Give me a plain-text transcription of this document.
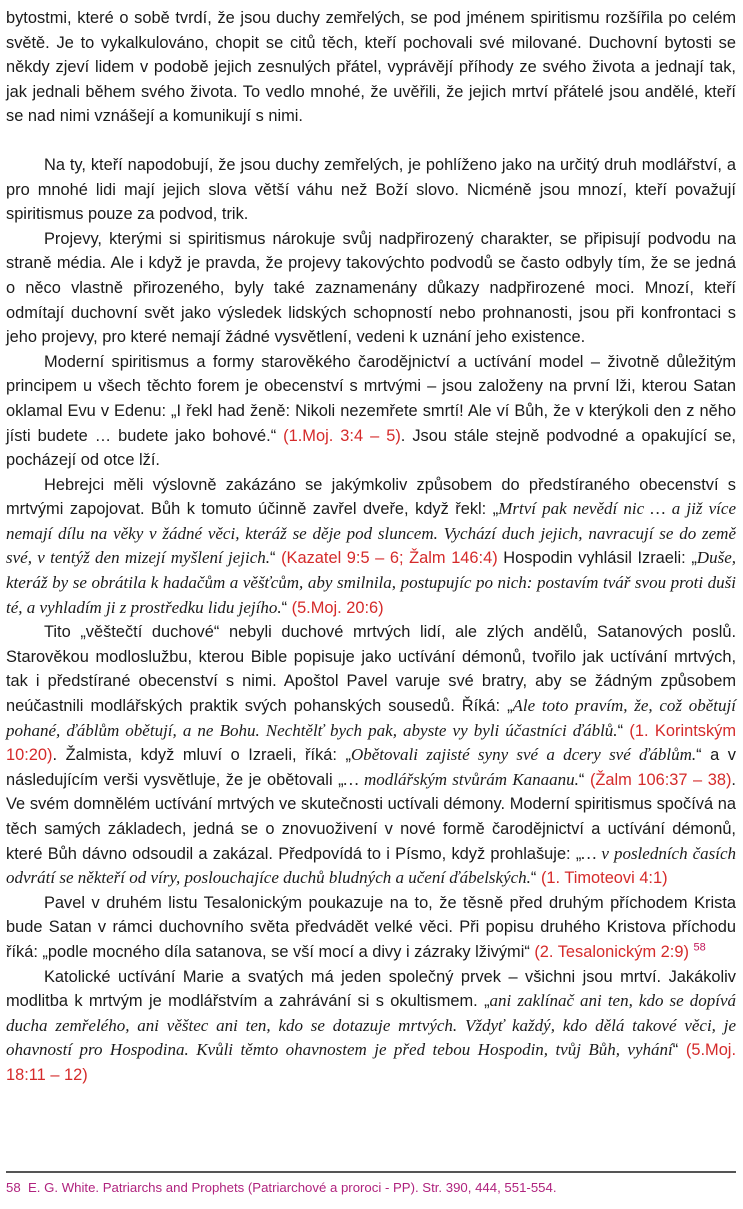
bytostmi, které o sobě tvrdí, že jsou duchy zemřelých, se pod jménem spiritismu rozšířila po celém světě. Je to vykalkulováno, chopit se citů těch, kteří pochovali své milované. Duchovní bytosti se někdy zjeví lidem v podobě jejich zesnulých přátel, vyprávějí příhody ze svého života a jednají tak, jak jednali během svého života. To vedlo mnohé, že uvěřili, že jejich mrtví přátelé jsou andělé, kteří se nad nimi vznášejí a komunikují s nimi.

Na ty, kteří napodobují, že jsou duchy zemřelých, je pohlíženo jako na určitý druh modlářství, a pro mnohé lidi mají jejich slova větší váhu než Boží slovo. Nicméně jsou mnozí, kteří považují spiritismus pouze za podvod, trik.

Projevy, kterými si spiritismus nárokuje svůj nadpřirozený charakter, se připisují podvodu na straně média. Ale i když je pravda, že projevy takovýchto podvodů se často odbyly tím, že se jedná o něco vlastně přirozeného, byly také zaznamenány důkazy nadpřirozené moci. Mnozí, kteří odmítají duchovní svět jako výsledek lidských schopností nebo prohnanosti, jsou při konfrontaci s jeho projevy, pro které nemají žádné vysvětlení, vedeni k uznání jeho existence.

Moderní spiritismus a formy starověkého čarodějnictví a uctívání model – životně důležitým principem u všech těchto forem je obecenství s mrtvými – jsou založeny na první lži, kterou Satan oklamal Evu v Edenu: „I řekl had ženě: Nikoli nezemřete smrtí! Ale ví Bůh, že v kterýkoli den z něho jísti budete … budete jako bohové.“ (1.Moj. 3:4 – 5). Jsou stále stejně podvodné a opakující se, pocházejí od otce lží.

Hebrejci měli výslovně zakázáno se jakýmkoliv způsobem do předstíraného obecenství s mrtvými zapojovat. Bůh k tomuto účinně zavřel dveře, když řekl: „Mrtví pak nevědí nic … a již více nemají dílu na věky v žádné věci, kteráž se děje pod sluncem. Vychází duch jejich, navracují se do země své, v tentýž den mizejí myšlení jejich.“ (Kazatel 9:5 – 6; Žalm 146:4) Hospodin vyhlásil Izraeli: „Duše, kteráž by se obrátila k hadačům a věšťcům, aby smilnila, postupujíc po nich: postavím tvář svou proti duši té, a vyhladím ji z prostředku lidu jejího.“ (5.Moj. 20:6)

Tito „věštečtí duchové“ nebyli duchové mrtvých lidí, ale zlých andělů, Satanových poslů. Starověkou modloslužbu, kterou Bible popisuje jako uctívání démonů, tvořilo jak uctívání mrtvých, tak i předstírané obecenství s nimi. Apoštol Pavel varuje své bratry, aby se žádným způsobem neúčastnili modlářských praktik svých pohanských sousedů. Říká: „Ale toto pravím, že, což obětují pohané, ďáblům obětují, a ne Bohu. Nechtělť bych pak, abyste vy byli účastníci ďáblů.“ (1. Korintským 10:20). Žalmista, když mluví o Izraeli, říká: „Obětovali zajisté syny své a dcery své ďáblům.“ a v následujícím verši vysvětluje, že je obětovali „… modlářským stvůrám Kanaanu.“ (Žalm 106:37 – 38). Ve svém domnělém uctívání mrtvých ve skutečnosti uctívali démony. Moderní spiritismus spočívá na těch samých základech, jedná se o znovuoživení v nové formě čarodějnictví a uctívání démonů, které Bůh dávno odsoudil a zakázal. Předpovídá to i Písmo, když prohlašuje: „… v posledních časích odvrátí se někteří od víry, poslouchajíce duchů bludných a učení ďábelských.“ (1. Timoteovi 4:1)

Pavel v druhém listu Tesalonickým poukazuje na to, že těsně před druhým příchodem Krista bude Satan v rámci duchovního světa předvádět velké věci. Při popisu druhého Kristova příchodu říká: „podle mocného díla satanova, se vší mocí a divy i zázraky lživými“ (2. Tesalonickým 2:9) $^{58}$

Katolické uctívání Marie a svatých má jeden společný prvek – všichni jsou mrtví. Jakákoliv modlitba k mrtvým je modlářstvím a zahrávání si s okultismem. „ani zaklínač ani ten, kdo se dopívá ducha zemřelého, ani věštec ani ten, kdo se dotazuje mrtvých. Vždyť každý, kdo dělá takové věci, je ohavností pro Hospodina. Kvůli těmto ohavnostem je před tebou Hospodin, tvůj Bůh, vyhání“ (5.Moj. 18:11 – 12)

58 E. G. White. Patriarchs and Prophets (Patriarchové a proroci - PP). Str. 390, 444, 551-554.
